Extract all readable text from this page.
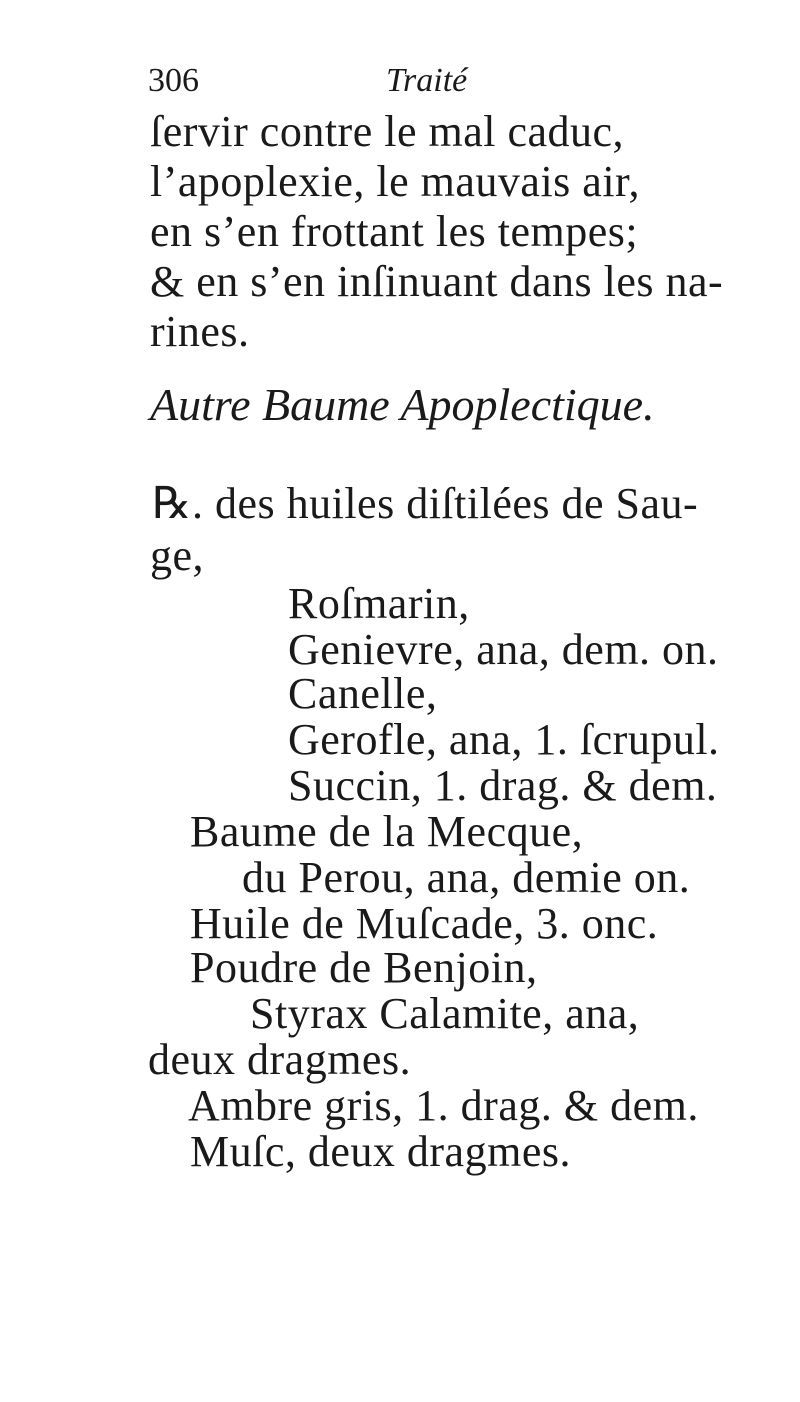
306	Traité
ſervir contre le mal caduc,
l’apoplexie, le mauvais air,
en s’en frottant les tempes;
& en s’en inſinuant dans les na-
rines.
Autre Baume Apoplectique.
℞. des huiles diſtilées de Sau-
ge,
Roſmarin,
Genievre, ana, dem. on.
Canelle,
Gerofle, ana, 1. ſcrupul.
Succin, 1. drag. & dem.
Baume de la Mecque,
du Perou, ana, demie on.
Huile de Muſcade, 3. onc.
Poudre de Benjoin,
Styrax Calamite, ana,
deux dragmes.
Ambre gris, 1. drag. & dem.
Muſc, deux dragmes.
